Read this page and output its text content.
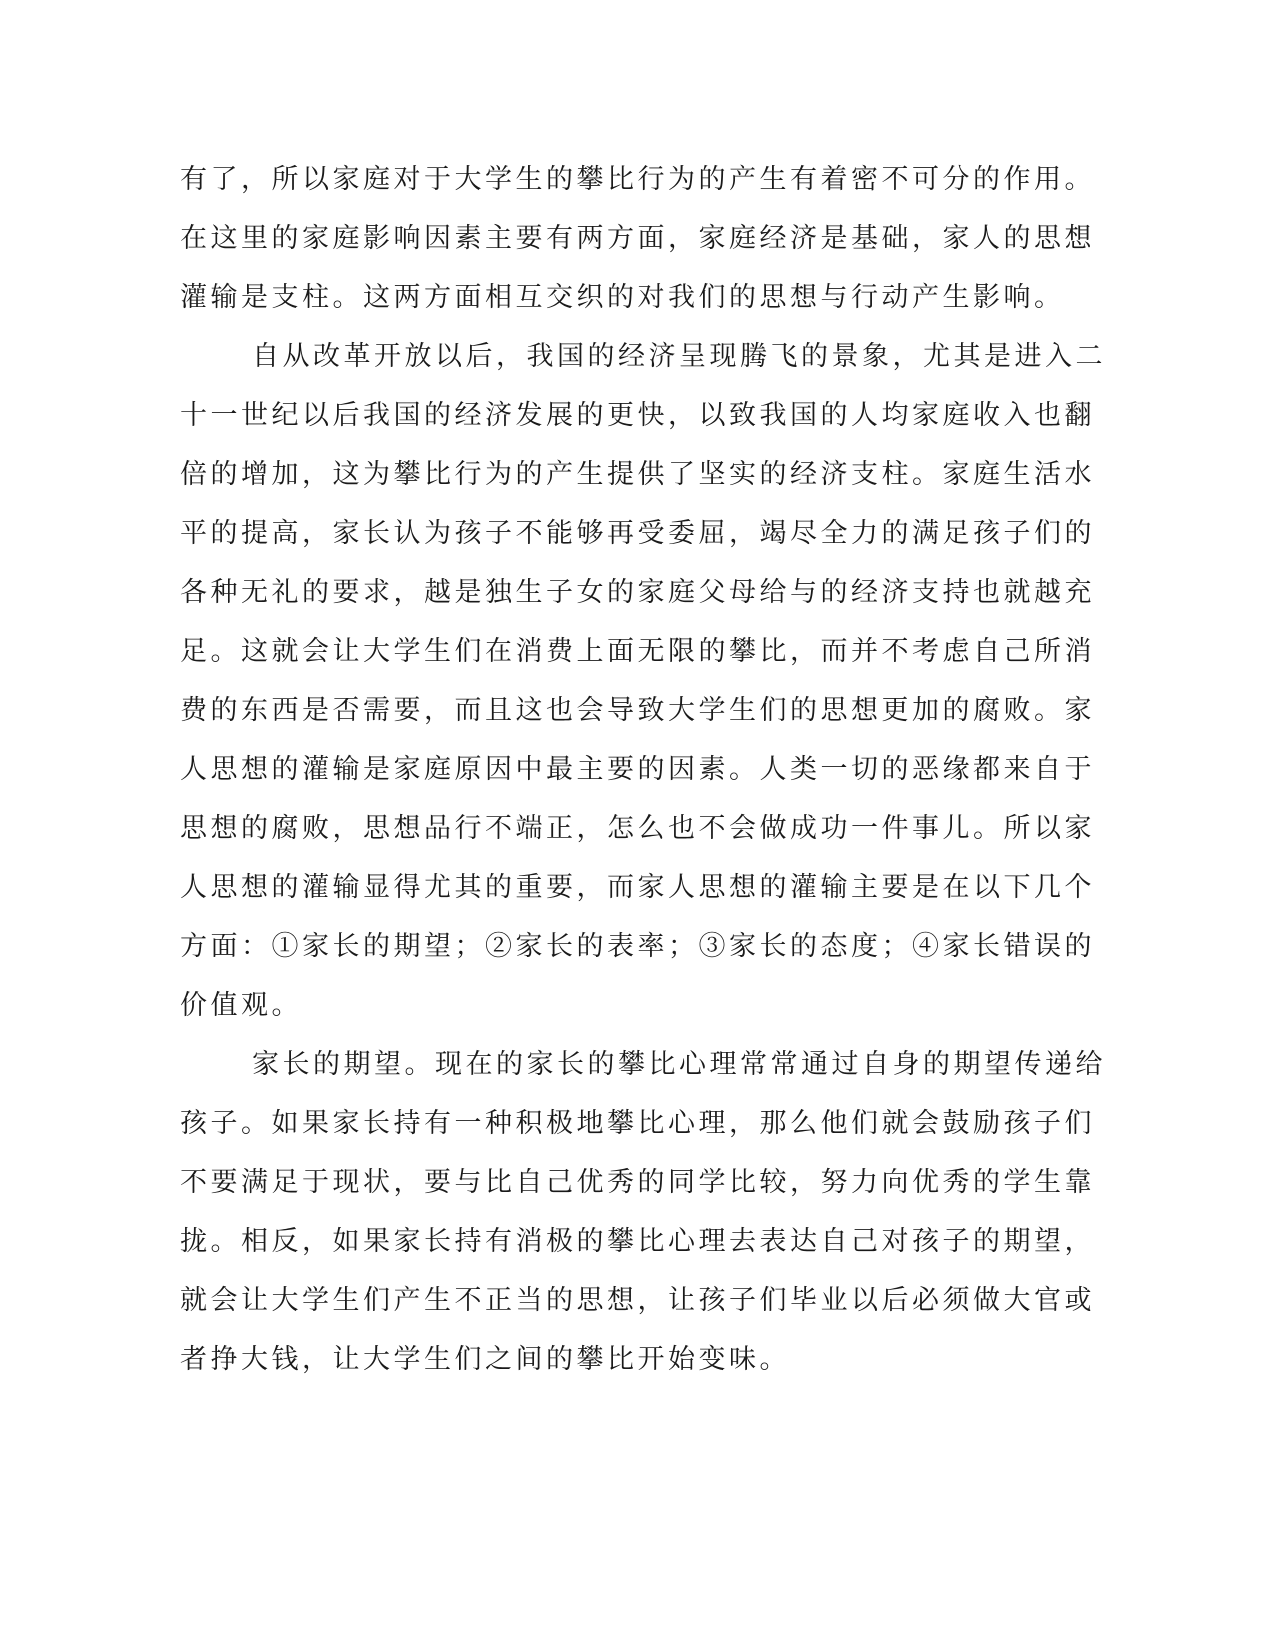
有了，所以家庭对于大学生的攀比行为的产生有着密不可分的作用。
在这里的家庭影响因素主要有两方面，家庭经济是基础，家人的思想
灌输是支柱。这两方面相互交织的对我们的思想与行动产生影响。
自从改革开放以后，我国的经济呈现腾飞的景象，尤其是进入二
十一世纪以后我国的经济发展的更快，以致我国的人均家庭收入也翻
倍的增加，这为攀比行为的产生提供了坚实的经济支柱。家庭生活水
平的提高，家长认为孩子不能够再受委屈，竭尽全力的满足孩子们的
各种无礼的要求，越是独生子女的家庭父母给与的经济支持也就越充
足。这就会让大学生们在消费上面无限的攀比，而并不考虑自己所消
费的东西是否需要，而且这也会导致大学生们的思想更加的腐败。家
人思想的灌输是家庭原因中最主要的因素。人类一切的恶缘都来自于
思想的腐败，思想品行不端正，怎么也不会做成功一件事儿。所以家
人思想的灌输显得尤其的重要，而家人思想的灌输主要是在以下几个
方面：①家长的期望；②家长的表率；③家长的态度；④家长错误的
价值观。
家长的期望。现在的家长的攀比心理常常通过自身的期望传递给
孩子。如果家长持有一种积极地攀比心理，那么他们就会鼓励孩子们
不要满足于现状，要与比自己优秀的同学比较，努力向优秀的学生靠
拢。相反，如果家长持有消极的攀比心理去表达自己对孩子的期望，
就会让大学生们产生不正当的思想，让孩子们毕业以后必须做大官或
者挣大钱，让大学生们之间的攀比开始变味。
